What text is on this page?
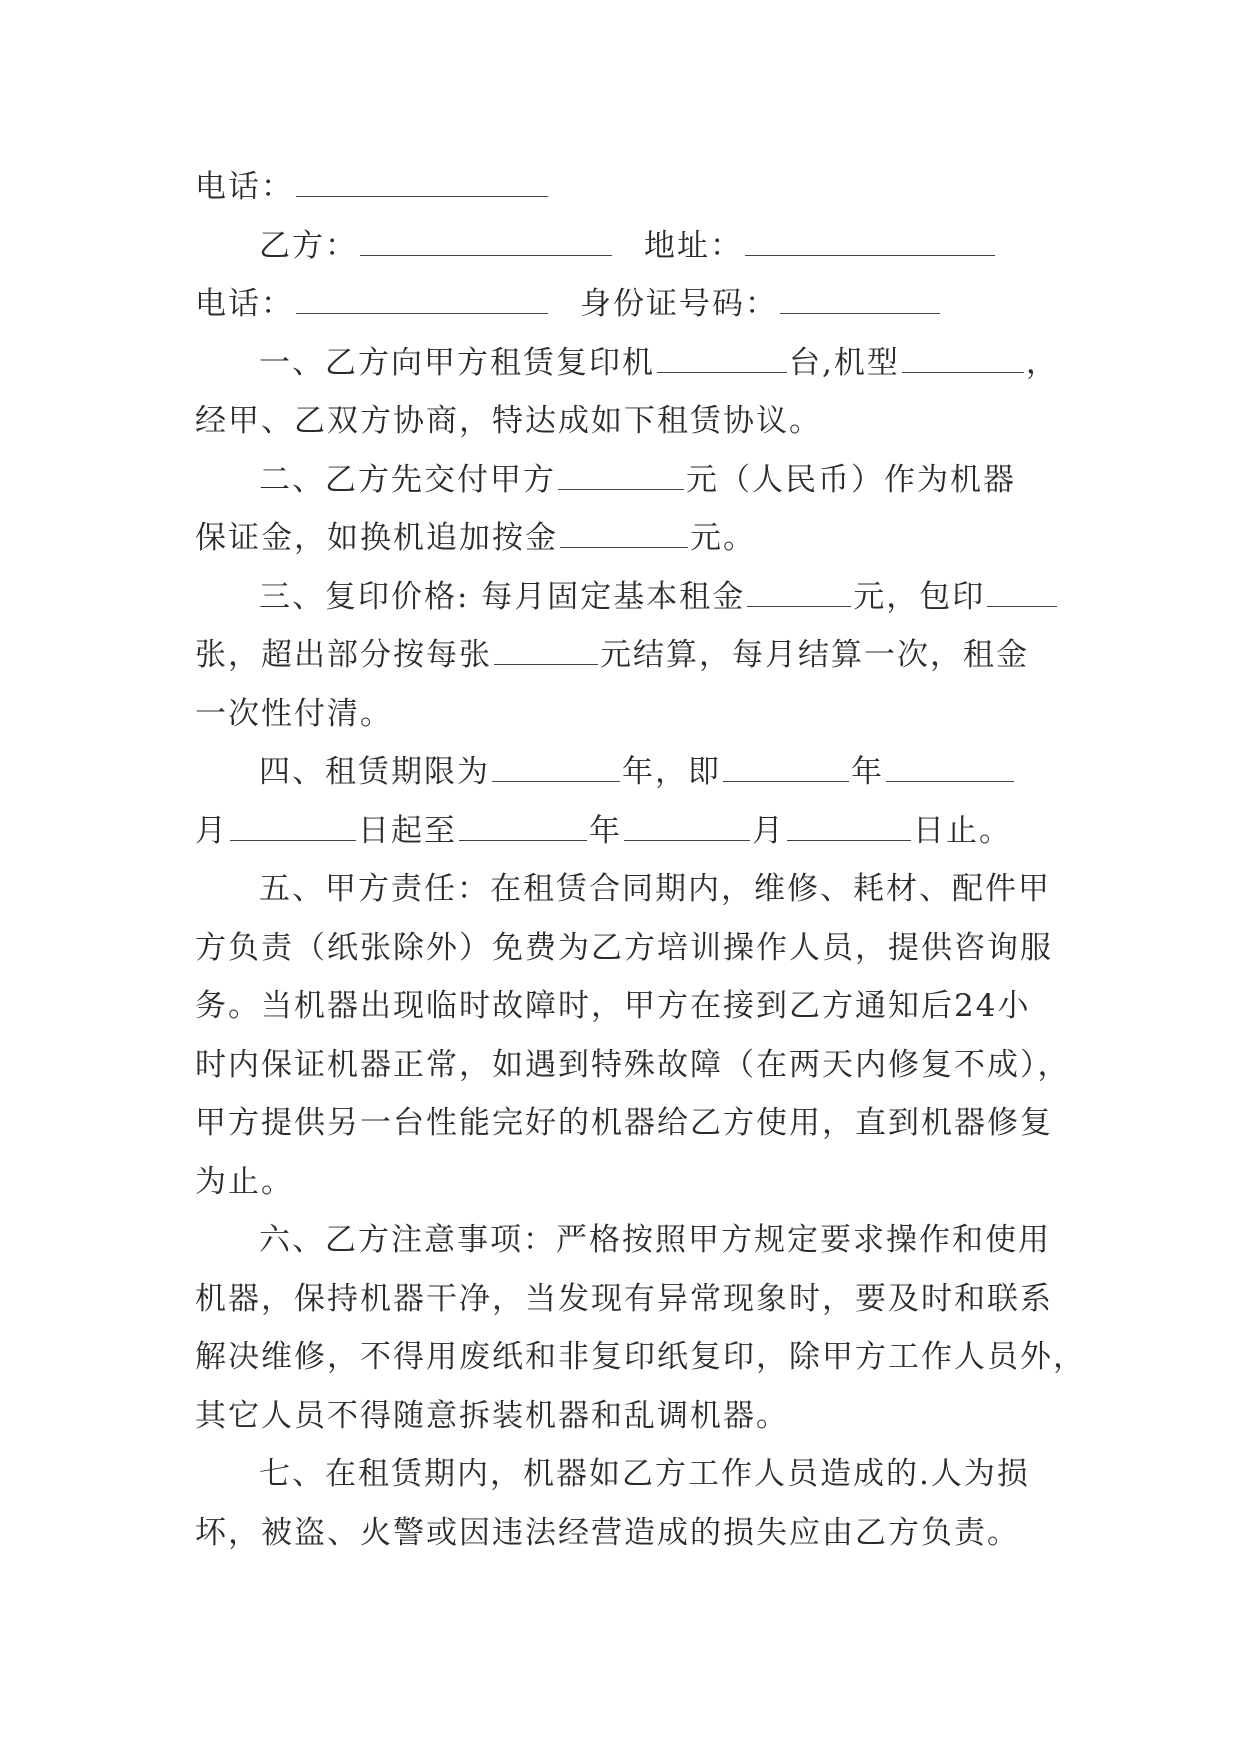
电话：
乙方：	地址：
电话：	身份证号码：
一、乙方向甲方租赁复印机	台,机型	，
经甲、乙双方协商，特达成如下租赁协议。
二、乙方先交付甲方	元（人民币）作为机器
保证金，如换机追加按金	元。
三、复印价格: 每月固定基本租金	元，包印
张，超出部分按每张	元结算，每月结算一次，租金
一次性付清。
四、租赁期限为	年，即	年
月	日起至	年	月	日止。
五、甲方责任：在租赁合同期内，维修、耗材、配件甲
方负责（纸张除外）免费为乙方培训操作人员，提供咨询服
务。当机器出现临时故障时，甲方在接到乙方通知后24小
时内保证机器正常，如遇到特殊故障（在两天内修复不成），
甲方提供另一台性能完好的机器给乙方使用，直到机器修复
为止。
六、乙方注意事项：严格按照甲方规定要求操作和使用
机器，保持机器干净，当发现有异常现象时，要及时和联系
解决维修，不得用废纸和非复印纸复印，除甲方工作人员外，
其它人员不得随意拆装机器和乱调机器。
七、在租赁期内，机器如乙方工作人员造成的.人为损
坏，被盗、火警或因违法经营造成的损失应由乙方负责。
